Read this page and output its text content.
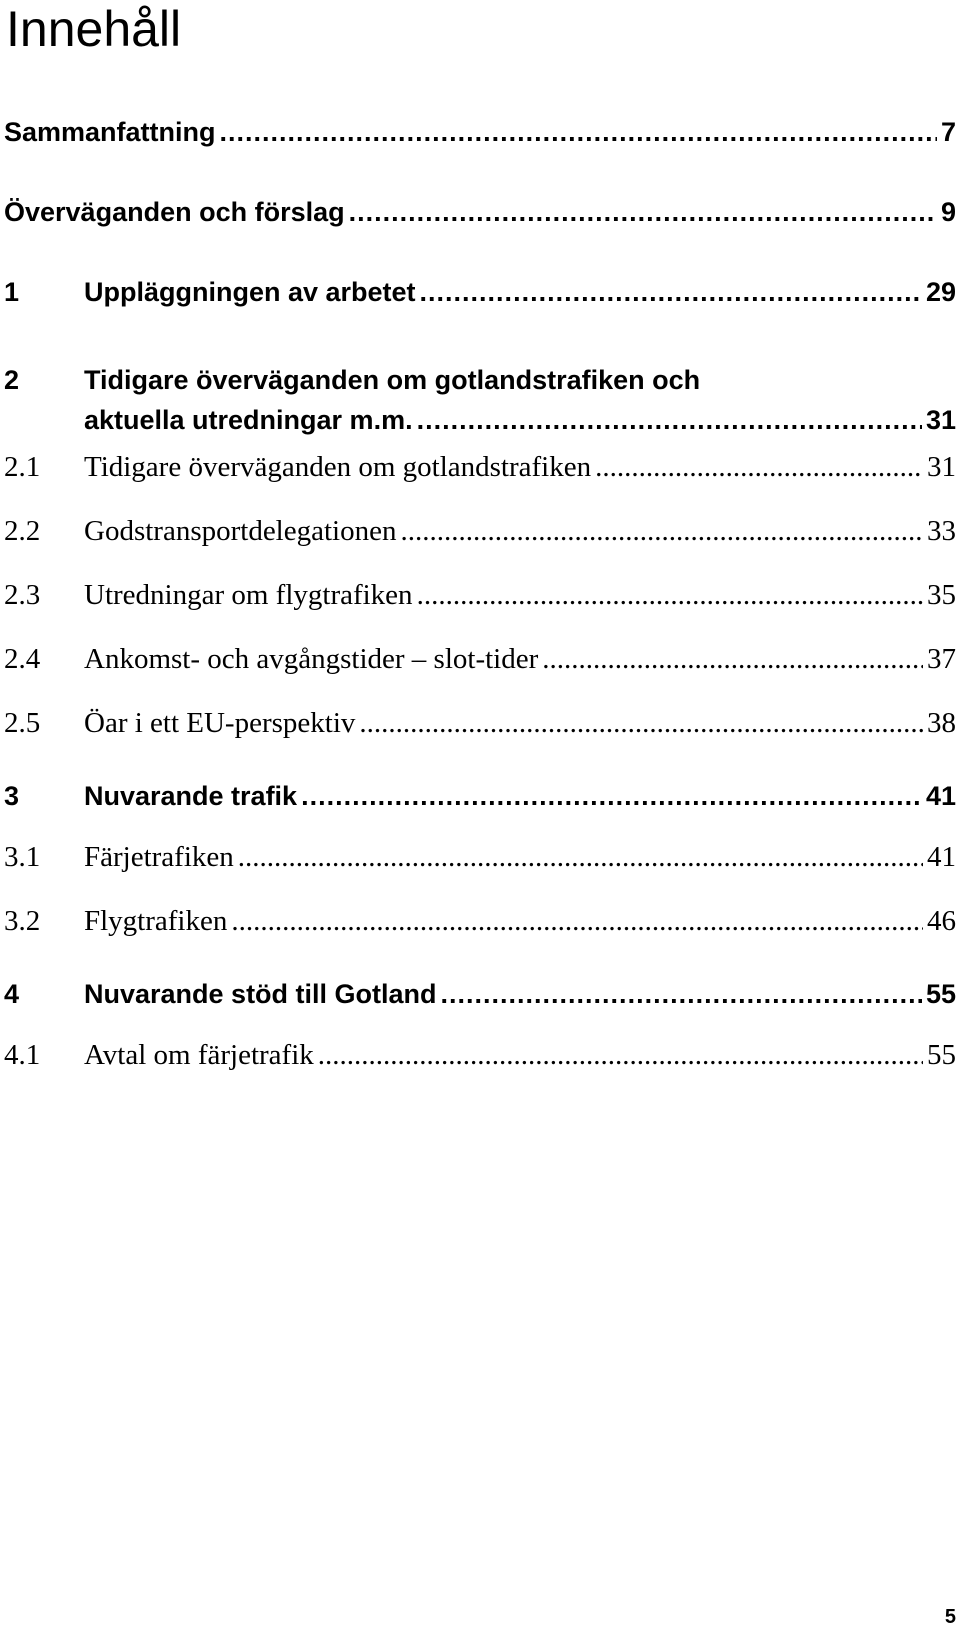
Innehåll
Sammanfattning .....	7
Överväganden och förslag .....	9
1	Uppläggningen av arbetet .....	29
2	Tidigare överväganden om gotlandstrafiken och
aktuella utredningar m.m. .....	31
2.1	Tidigare överväganden om gotlandstrafiken .....	31
2.2	Godstransportdelegationen .....	33
2.3	Utredningar om flygtrafiken .....	35
2.4	Ankomst- och avgångstider – slot-tider .....	37
2.5	Öar i ett EU-perspektiv .....	38
3	Nuvarande trafik .....	41
3.1	Färjetrafiken .....	41
3.2	Flygtrafiken .....	46
4	Nuvarande stöd till Gotland .....	55
4.1	Avtal om färjetrafik .....	55
5
